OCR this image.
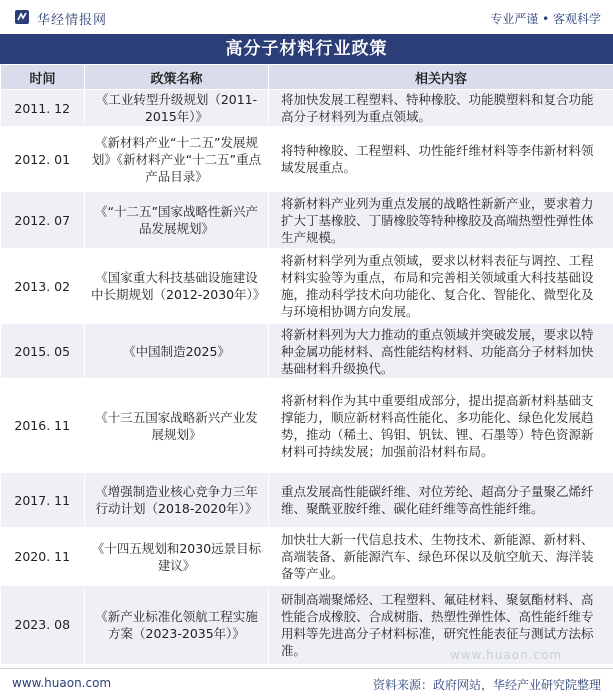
华经情报网	专业严谨 • 客观科学
高分子材料行业政策
时间	政策名称	相关内容
2011. 12	《工业转型升级规划（2011-2015年）》	将加快发展工程塑料、特种橡胶、功能膜塑料和复合功能高分子材料列为重点领域。
2012. 01	《新材料产业“十二五”发展规划》《新材料产业“十二五”重点产品目录》	将特种橡胶、工程塑料、功性能纤维材料等李伟新材料领域发展重点。
2012. 07	《“十二五”国家战略性新兴产品发展规划》	将新材料产业列为重点发展的战略性新新产业，要求着力扩大丁基橡胶、丁腈橡胶等特种橡胶及高端热塑性弹性体生产规模。
2013. 02	《国家重大科技基础设施建设中长期规划（2012-2030年）》	将新材料学列为重点领域，要求以材料表征与调控、工程材料实验等为重点，布局和完善相关领域重大科技基础设施，推动科学技术向功能化、复合化、智能化、微型化及与环境相协调方向发展。
2015. 05	《中国制造2025》	将新材料列为大力推动的重点领域并突破发展，要求以特种金属功能材料、高性能结构材料、功能高分子材料加快基础材料升级换代。
2016. 11	《十三五国家战略新兴产业发展规划》	将新材料作为其中重要组成部分，提出提高新材料基础支撑能力，顺应新材料高性能化、多功能化、绿色化发展趋势，推动（稀土、钨钼、钒钛、锂、石墨等）特色资源新材料可持续发展；加强前沿材料布局。
2017. 11	《增强制造业核心竞争力三年行动计划（2018-2020年）》	重点发展高性能碳纤维、对位芳纶、超高分子量聚乙烯纤维、聚酰亚胺纤维、碳化硅纤维等高性能纤维。
2020. 11	《十四五规划和2030远景目标建议》	加快壮大新一代信息技术、生物技术、新能源、新材料、高端装备、新能源汽车、绿色环保以及航空航天、海洋装备等产业。
2023. 08	《新产业标准化领航工程实施方案（2023-2035年）》	研制高端聚烯烃、工程塑料、氟硅材料、聚氨酯材料、高性能合成橡胶、合成树脂、热塑性弹性体、高性能纤维专用料等先进高分子材料标准，研究性能表征与测试方法标准。	www.huaon.com
www.huaon.com	资料来源：政府网站，华经产业研究院整理
